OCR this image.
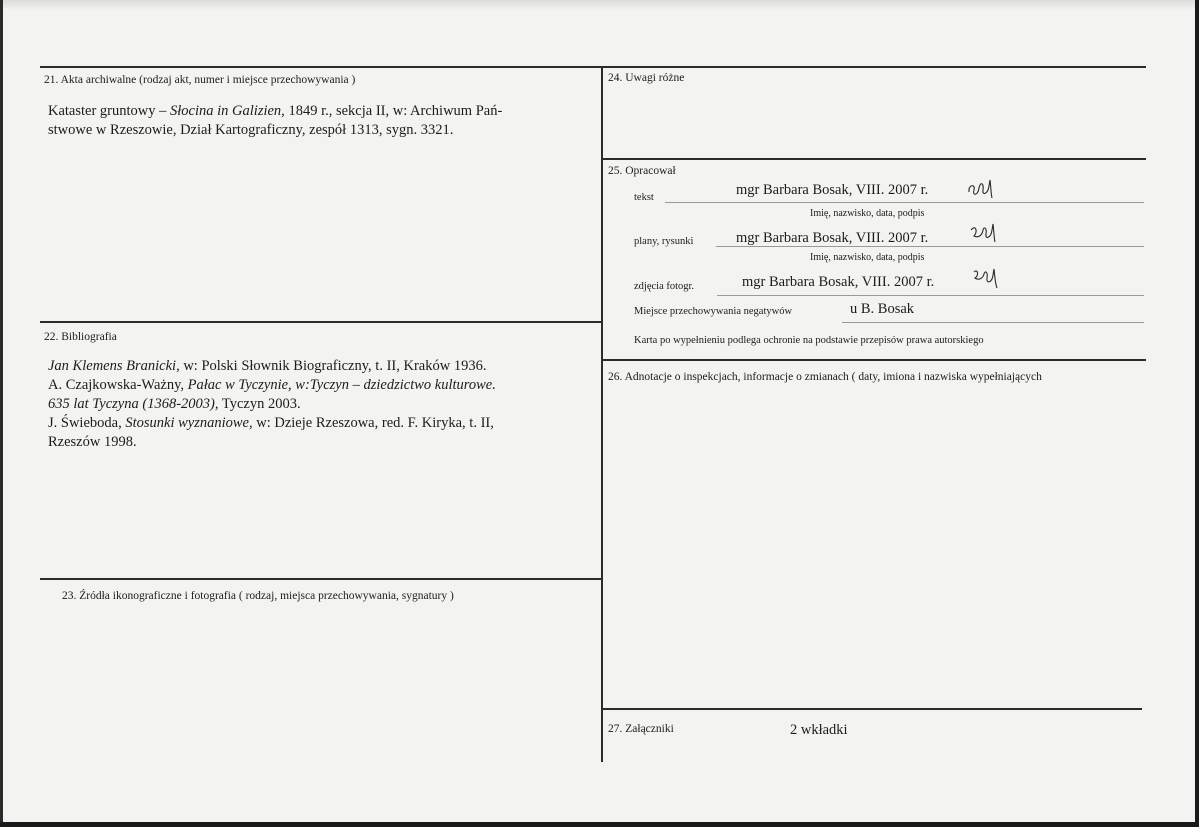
21. Akta archiwalne (rodzaj akt, numer i miejsce przechowywania )
Kataster gruntowy – Słocina in Galizien, 1849 r., sekcja II, w: Archiwum Pań-
stwowe w Rzeszowie, Dział Kartograficzny, zespół 1313, sygn. 3321.
22. Bibliografia
Jan Klemens Branicki, w: Polski Słownik Biograficzny, t. II, Kraków 1936.
A. Czajkowska-Ważny, Pałac w Tyczynie, w:Tyczyn – dziedzictwo kulturowe.
635 lat Tyczyna (1368-2003), Tyczyn 2003.
J. Świeboda, Stosunki wyznaniowe, w: Dzieje Rzeszowa, red. F. Kiryka, t. II,
Rzeszów 1998.
23. Źródła ikonograficzne i fotografia ( rodzaj, miejsca przechowywania, sygnatury )
24. Uwagi różne
25. Opracował
tekst	mgr Barbara Bosak, VIII. 2007 r.
Imię, nazwisko, data, podpis
plany, rysunki	mgr Barbara Bosak, VIII. 2007 r.
Imię, nazwisko, data, podpis
zdjęcia fotogr.	mgr Barbara Bosak, VIII. 2007 r.
Miejsce przechowywania negatywów	u B. Bosak
Karta po wypełnieniu podlega ochronie na podstawie przepisów prawa autorskiego
26. Adnotacje o inspekcjach, informacje o zmianach ( daty, imiona i nazwiska wypełniających
27. Załączniki	2 wkładki
